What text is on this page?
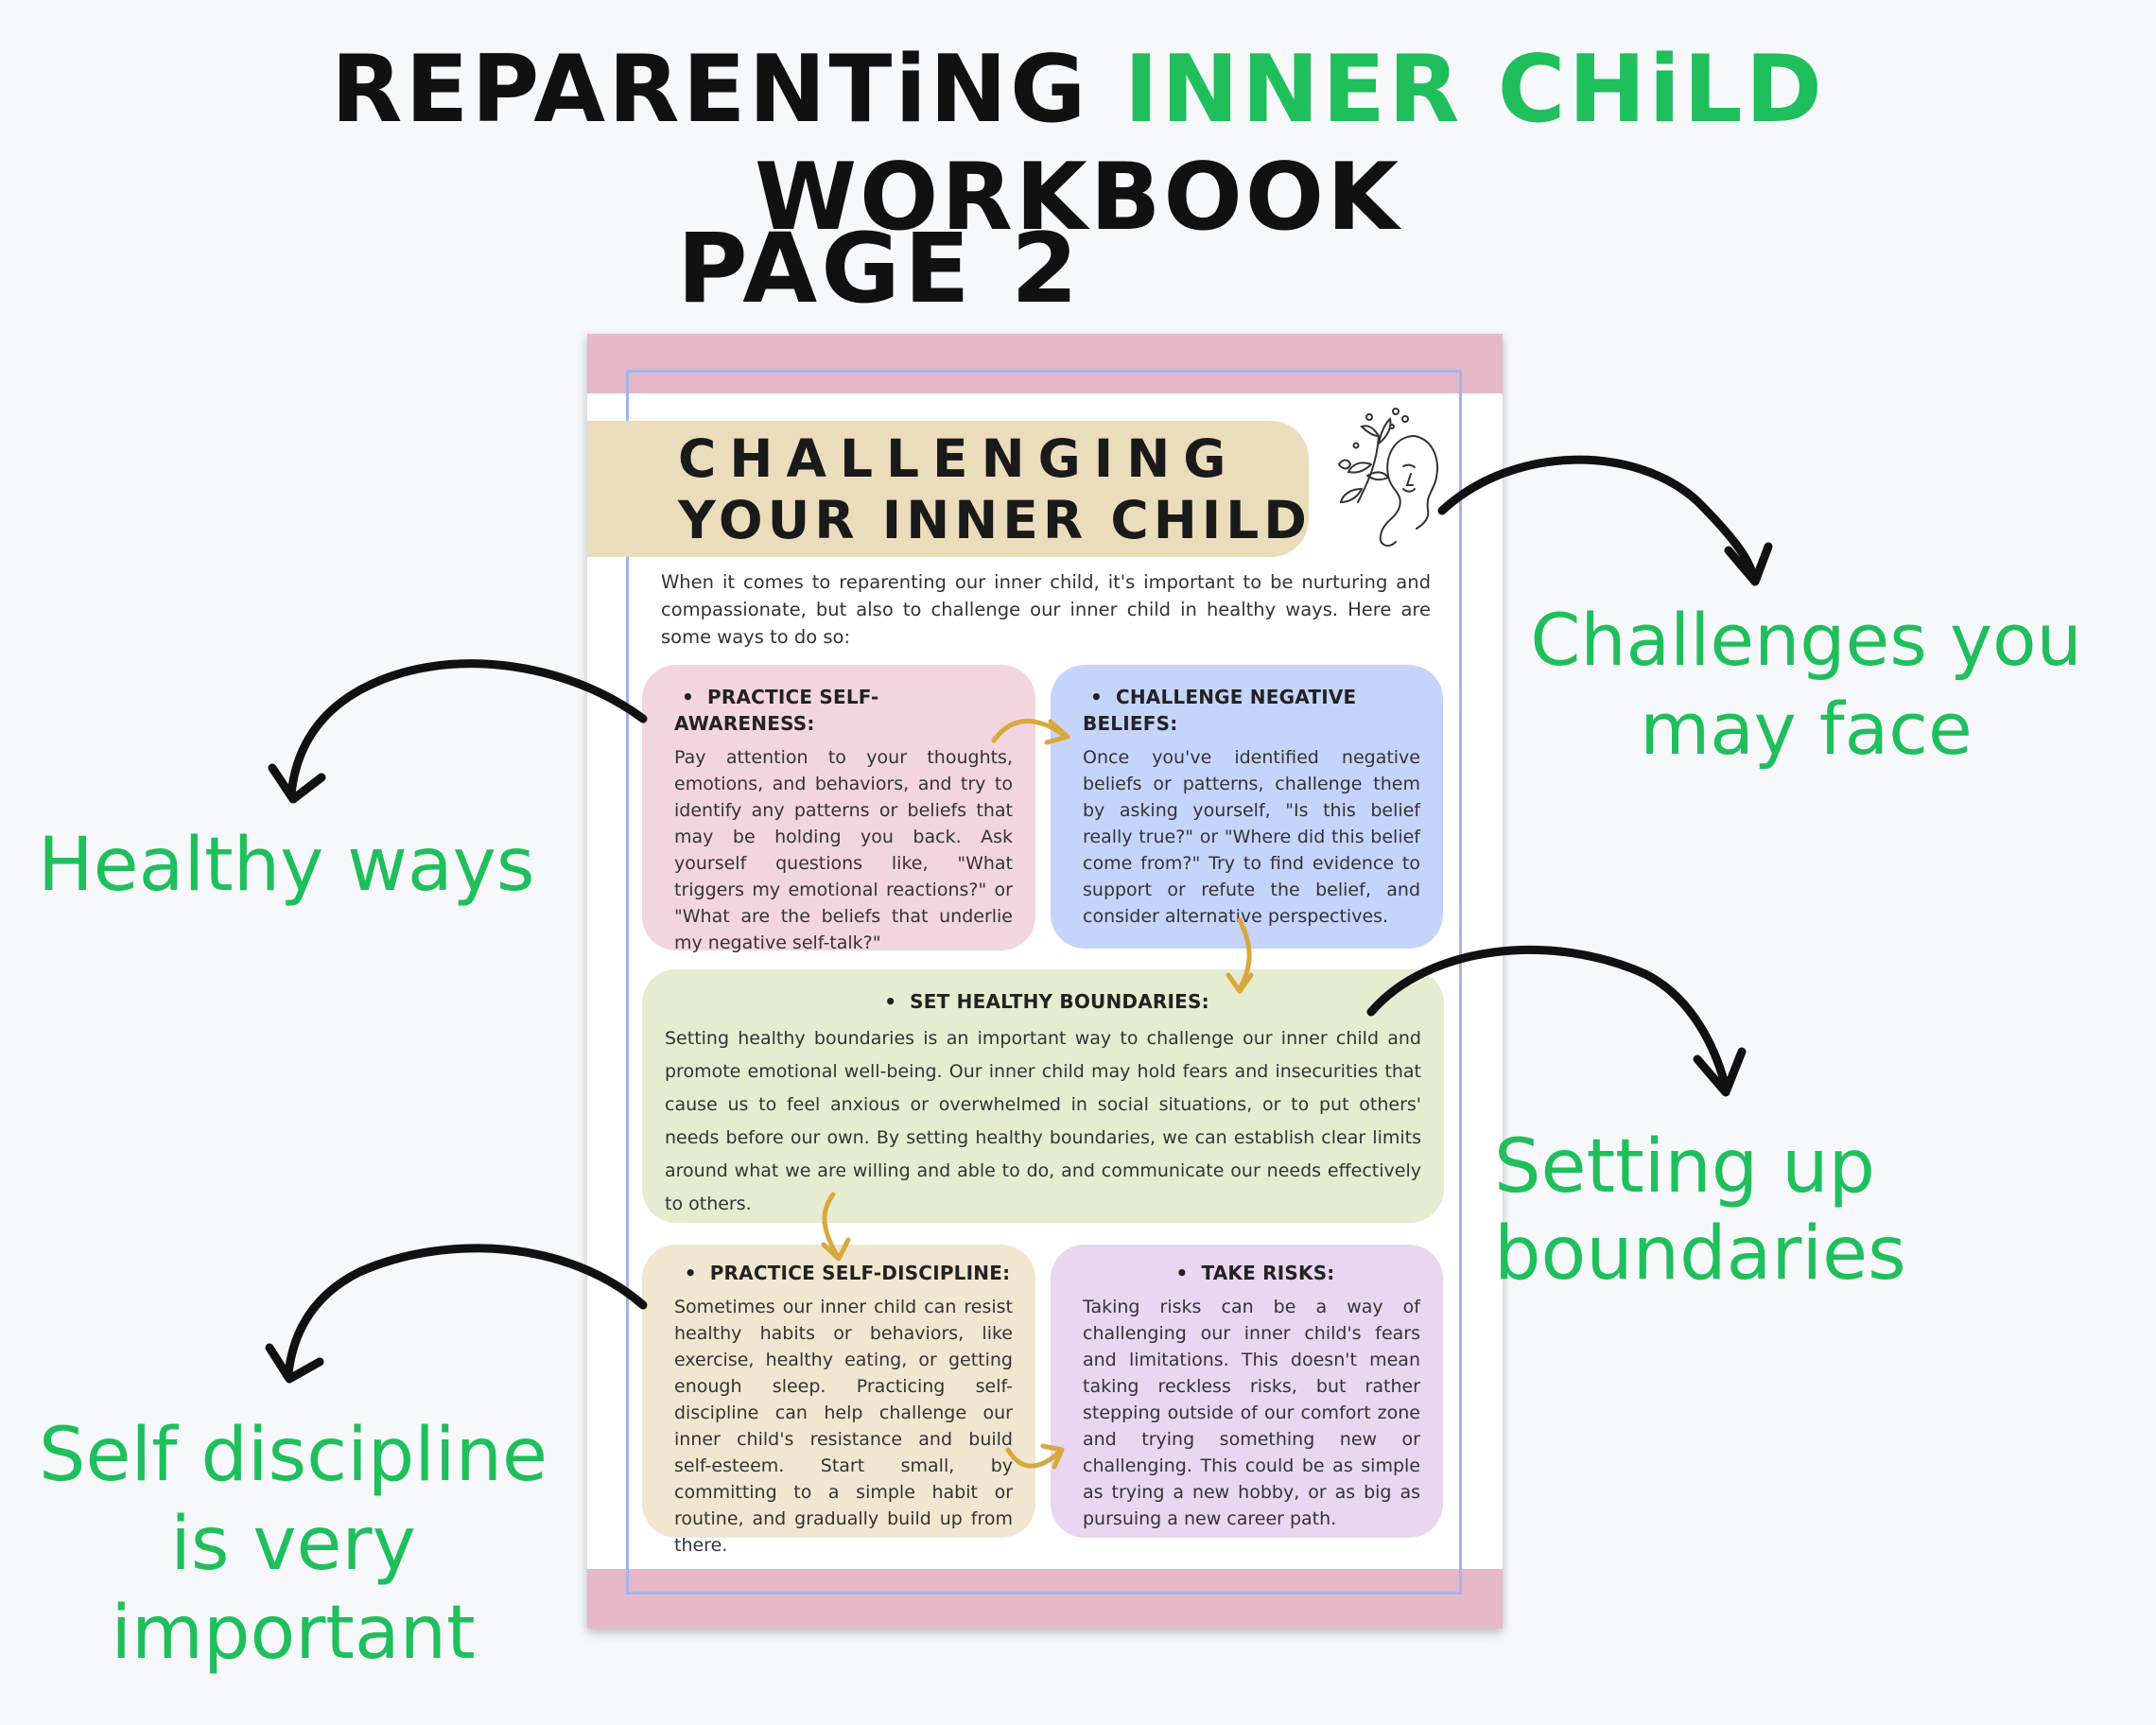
REPARENTiNG INNER CHiLD WORKBOOK
PAGE 2
CHALLENGING
YOUR INNER CHILD
When it comes to reparenting our inner child, it's important to be nurturing and compassionate, but also to challenge our inner child in healthy ways. Here are some ways to do so:
• PRACTICE SELF-AWARENESS:
Pay attention to your thoughts, emotions, and behaviors, and try to identify any patterns or beliefs that may be holding you back. Ask yourself questions like, "What triggers my emotional reactions?" or "What are the beliefs that underlie my negative self-talk?"
• CHALLENGE NEGATIVE BELIEFS:
Once you've identified negative beliefs or patterns, challenge them by asking yourself, "Is this belief really true?" or "Where did this belief come from?" Try to find evidence to support or refute the belief, and consider alternative perspectives.
• SET HEALTHY BOUNDARIES:
Setting healthy boundaries is an important way to challenge our inner child and promote emotional well-being. Our inner child may hold fears and insecurities that cause us to feel anxious or overwhelmed in social situations, or to put others' needs before our own. By setting healthy boundaries, we can establish clear limits around what we are willing and able to do, and communicate our needs effectively to others.
• PRACTICE SELF-DISCIPLINE:
Sometimes our inner child can resist healthy habits or behaviors, like exercise, healthy eating, or getting enough sleep. Practicing self-discipline can help challenge our inner child's resistance and build self-esteem. Start small, by committing to a simple habit or routine, and gradually build up from there.
• TAKE RISKS:
Taking risks can be a way of challenging our inner child's fears and limitations. This doesn't mean taking reckless risks, but rather stepping outside of our comfort zone and trying something new or challenging. This could be as simple as trying a new hobby, or as big as pursuing a new career path.
Challenges you may face
Healthy ways
Setting up boundaries
Self discipline is very important
